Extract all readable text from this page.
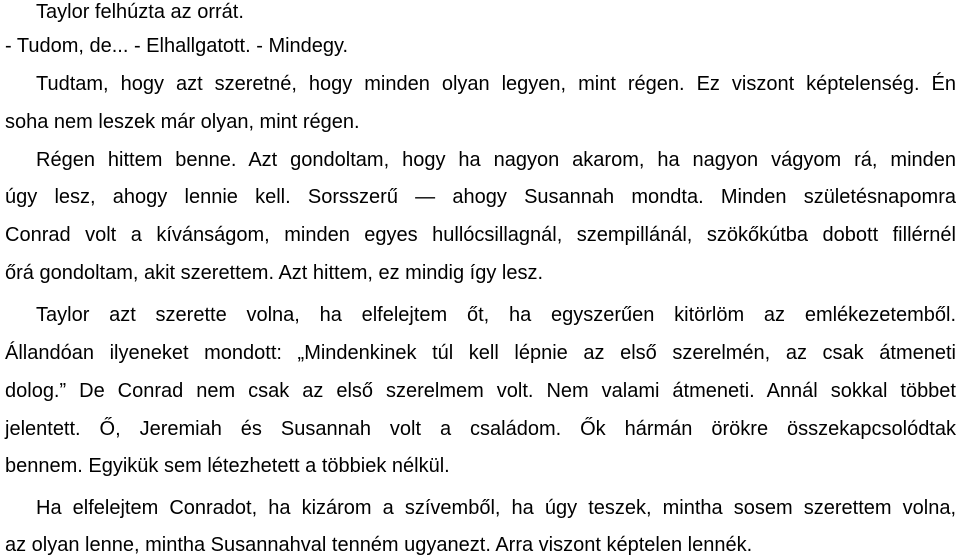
Taylor felhúzta az orrát.
- Tudom, de... - Elhallgatott. - Mindegy.
Tudtam, hogy azt szeretné, hogy minden olyan legyen, mint régen. Ez viszont képtelenség. Én
soha nem leszek már olyan, mint régen.
Régen hittem benne. Azt gondoltam, hogy ha nagyon akarom, ha nagyon vágyom rá, minden
úgy lesz, ahogy lennie kell. Sorsszerű — ahogy Susannah mondta. Minden születésnapomra
Conrad volt a kívánságom, minden egyes hullócsillagnál, szempillánál, szökőkútba dobott fillérnél
őrá gondoltam, akit szerettem. Azt hittem, ez mindig így lesz.
Taylor azt szerette volna, ha elfelejtem őt, ha egyszerűen kitörlöm az emlékezetemből.
Állandóan ilyeneket mondott: „Mindenkinek túl kell lépnie az első szerelmén, az csak átmeneti
dolog.” De Conrad nem csak az első szerelmem volt. Nem valami átmeneti. Annál sokkal többet
jelentett. Ő, Jeremiah és Susannah volt a családom. Ők hármán örökre összekapcsolódtak
bennem. Egyikük sem létezhetett a többiek nélkül.
Ha elfelejtem Conradot, ha kizárom a szívemből, ha úgy teszek, mintha sosem szerettem volna,
az olyan lenne, mintha Susannahval tenném ugyanezt. Arra viszont képtelen lennék.
